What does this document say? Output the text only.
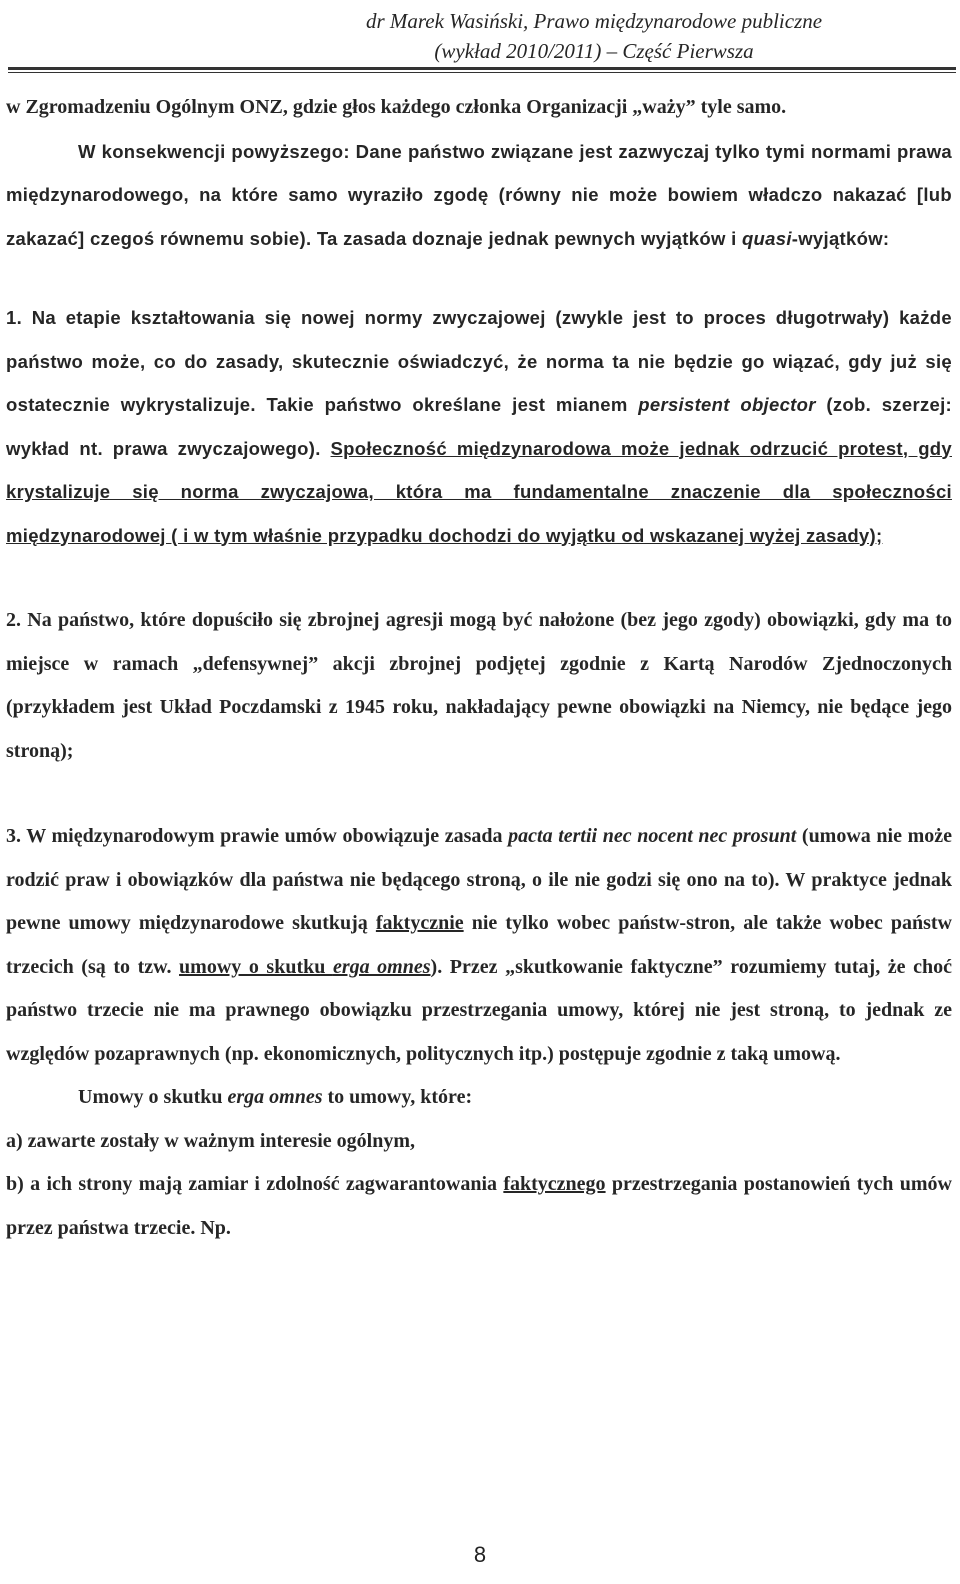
dr Marek Wasiński, Prawo międzynarodowe publiczne
(wykład 2010/2011) – Część Pierwsza

w Zgromadzeniu Ogólnym ONZ, gdzie głos każdego członka Organizacji „waży” tyle samo.

W konsekwencji powyższego: Dane państwo związane jest zazwyczaj tylko tymi normami prawa międzynarodowego, na które samo wyraziło zgodę (równy nie może bowiem władczo nakazać [lub zakazać] czegoś równemu sobie). Ta zasada doznaje jednak pewnych wyjątków i quasi-wyjątków:

1. Na etapie kształtowania się nowej normy zwyczajowej (zwykle jest to proces długotrwały) każde państwo może, co do zasady, skutecznie oświadczyć, że norma ta nie będzie go wiązać, gdy już się ostatecznie wykrystalizuje. Takie państwo określane jest mianem persistent objector (zob. szerzej: wykład nt. prawa zwyczajowego). Społeczność międzynarodowa może jednak odrzucić protest, gdy krystalizuje się norma zwyczajowa, która ma fundamentalne znaczenie dla społeczności międzynarodowej ( i w tym właśnie przypadku dochodzi do wyjątku od wskazanej wyżej zasady);

2. Na państwo, które dopuściło się zbrojnej agresji mogą być nałożone (bez jego zgody) obowiązki, gdy ma to miejsce w ramach „defensywnej” akcji zbrojnej podjętej zgodnie z Kartą Narodów Zjednoczonych (przykładem jest Układ Poczdamski z 1945 roku, nakładający pewne obowiązki na Niemcy, nie będące jego stroną);

3. W międzynarodowym prawie umów obowiązuje zasada pacta tertii nec nocent nec prosunt (umowa nie może rodzić praw i obowiązków dla państwa nie będącego stroną, o ile nie godzi się ono na to). W praktyce jednak pewne umowy międzynarodowe skutkują faktycznie nie tylko wobec państw-stron, ale także wobec państw trzecich (są to tzw. umowy o skutku erga omnes). Przez „skutkowanie faktyczne” rozumiemy tutaj, że choć państwo trzecie nie ma prawnego obowiązku przestrzegania umowy, której nie jest stroną, to jednak ze względów pozaprawnych (np. ekonomicznych, politycznych itp.) postępuje zgodnie z taką umową.

Umowy o skutku erga omnes to umowy, które:

a) zawarte zostały w ważnym interesie ogólnym,

b) a ich strony mają zamiar i zdolność zagwarantowania faktycznego przestrzegania postanowień tych umów przez państwa trzecie. Np.

8
